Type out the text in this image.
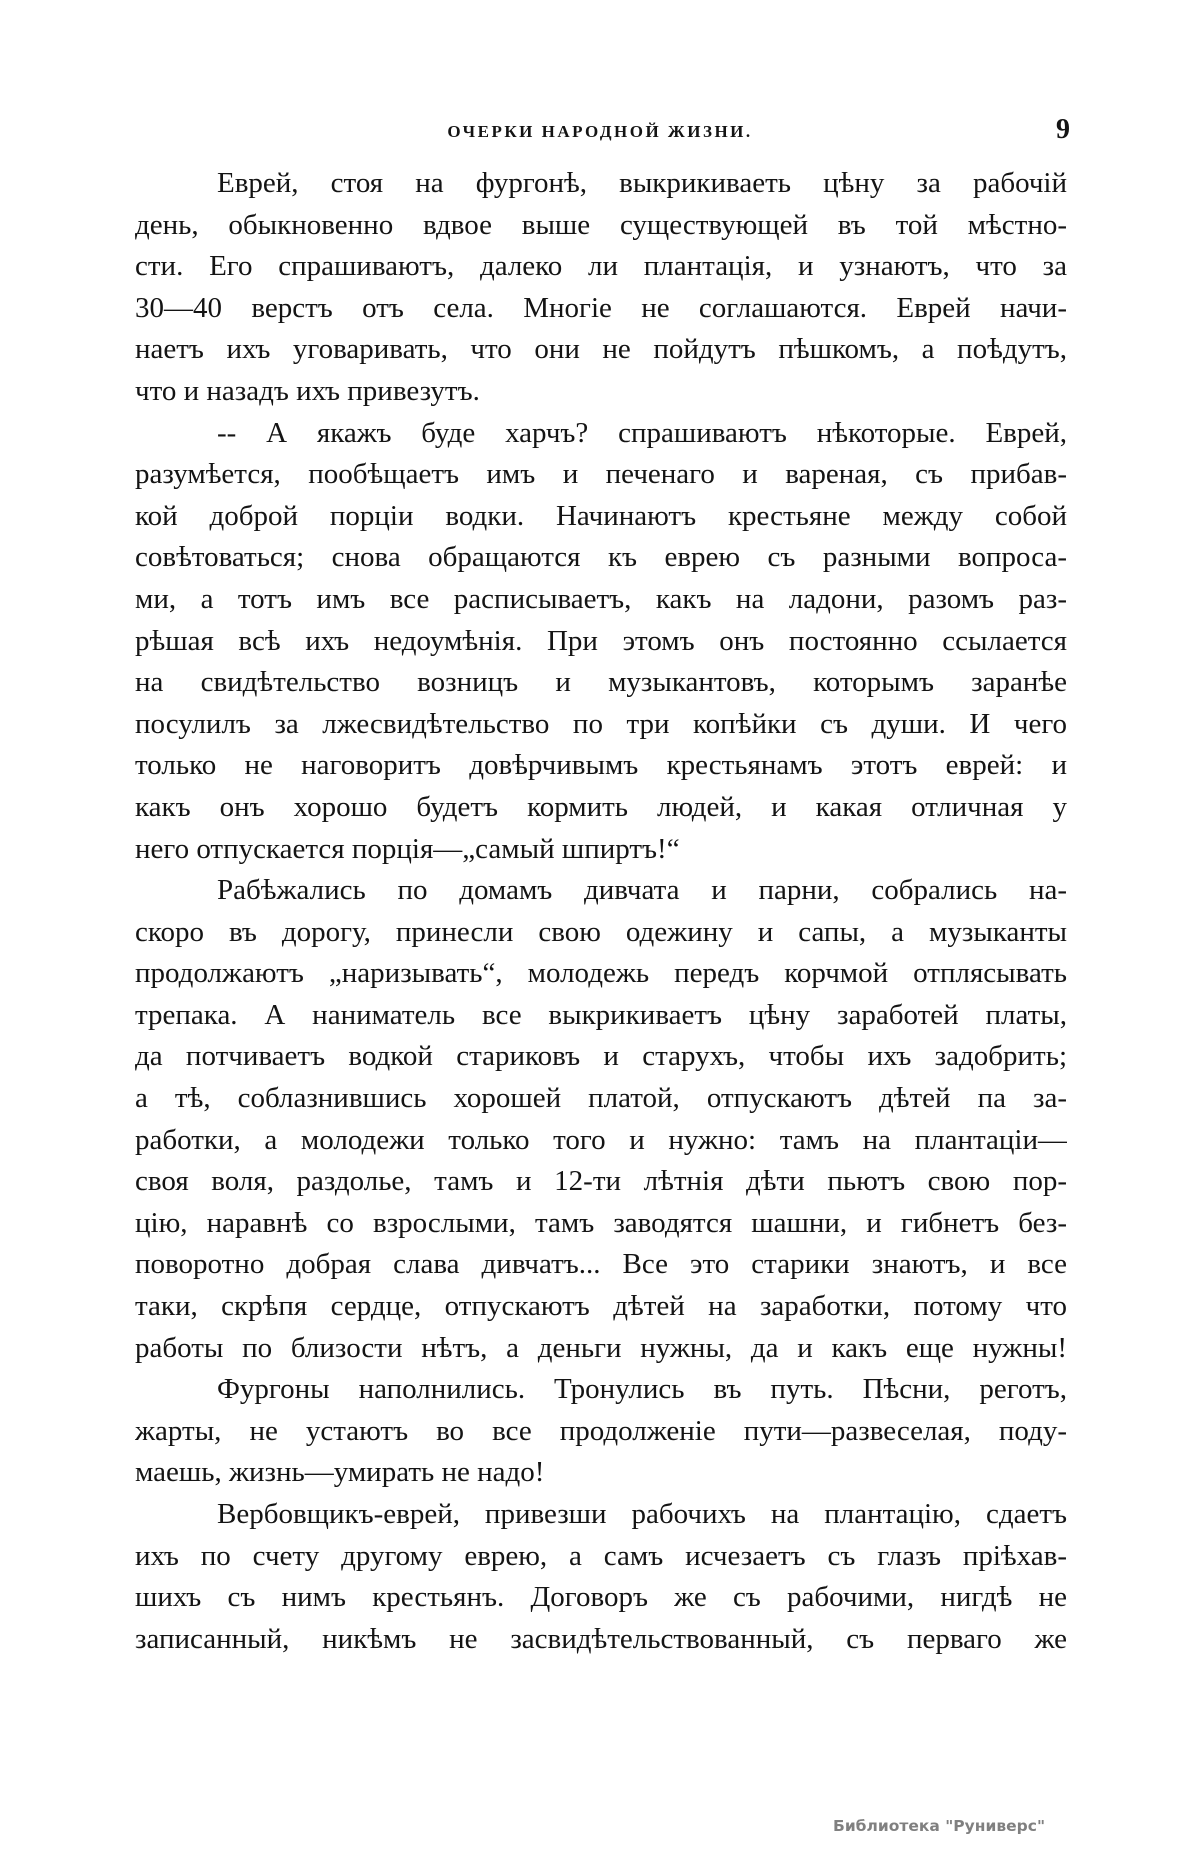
ОЧЕРКИ НАРОДНОЙ ЖИЗНИ.	9
Еврей, стоя на фургонѣ, выкрикиваеть цѣну за рабочій
день, обыкновенно вдвое выше существующей въ той мѣстно-
сти. Его спрашиваютъ, далеко ли плантація, и узнаютъ, что за
30—40 верстъ отъ села. Многіе не соглашаются. Еврей начи-
наетъ ихъ уговаривать, что они не пойдутъ пѣшкомъ, а поѣдутъ,
что и назадъ ихъ привезутъ.
-- А якажъ буде харчъ? спрашиваютъ нѣкоторые. Еврей,
разумѣется, пообѣщаетъ имъ и печенаго и вареная, съ прибав-
кой доброй порціи водки. Начинаютъ крестьяне между собой
совѣтоваться; снова обращаются къ еврею съ разными вопроса-
ми, а тотъ имъ все расписываетъ, какъ на ладони, разомъ раз-
рѣшая всѣ ихъ недоумѣнія. При этомъ онъ постоянно ссылается
на свидѣтельство возницъ и музыкантовъ, которымъ заранѣе
посулилъ за лжесвидѣтельство по три копѣйки съ души. И чего
только не наговоритъ довѣрчивымъ крестьянамъ этотъ еврей: и
какъ онъ хорошо будетъ кормить людей, и какая отличная у
него отпускается порція—„самый шпиртъ!“
Рабѣжались по домамъ дивчата и парни, собрались на-
скоро въ дорогу, принесли свою одежину и сапы, а музыканты
продолжаютъ „наризывать“, молодежь передъ корчмой отплясывать
трепака. А наниматель все выкрикиваетъ цѣну заработей платы,
да потчиваетъ водкой стариковъ и старухъ, чтобы ихъ задобрить;
а тѣ, соблазнившись хорошей платой, отпускаютъ дѣтей па за-
работки, а молодежи только того и нужно: тамъ на плантаціи—
своя воля, раздолье, тамъ и 12-ти лѣтнія дѣти пьютъ свою пор-
цію, наравнѣ со взрослыми, тамъ заводятся шашни, и гибнетъ без-
поворотно добрая слава дивчатъ... Все это старики знаютъ, и все
таки, скрѣпя сердце, отпускаютъ дѣтей на заработки, потому что
работы по близости нѣтъ, а деньги нужны, да и какъ еще нужны!
Фургоны наполнились. Тронулись въ путь. Пѣсни, реготъ,
жарты, не устаютъ во все продолженіе пути—развеселая, поду-
маешь, жизнь—умирать не надо!
Вербовщикъ-еврей, привезши рабочихъ на плантацію, сдаетъ
ихъ по счету другому еврею, а самъ исчезаетъ съ глазъ пріѣхав-
шихъ съ нимъ крестьянъ. Договоръ же съ рабочими, нигдѣ не
записанный, никѣмъ не засвидѣтельствованный, съ перваго же
Библиотека "Руниверс"
